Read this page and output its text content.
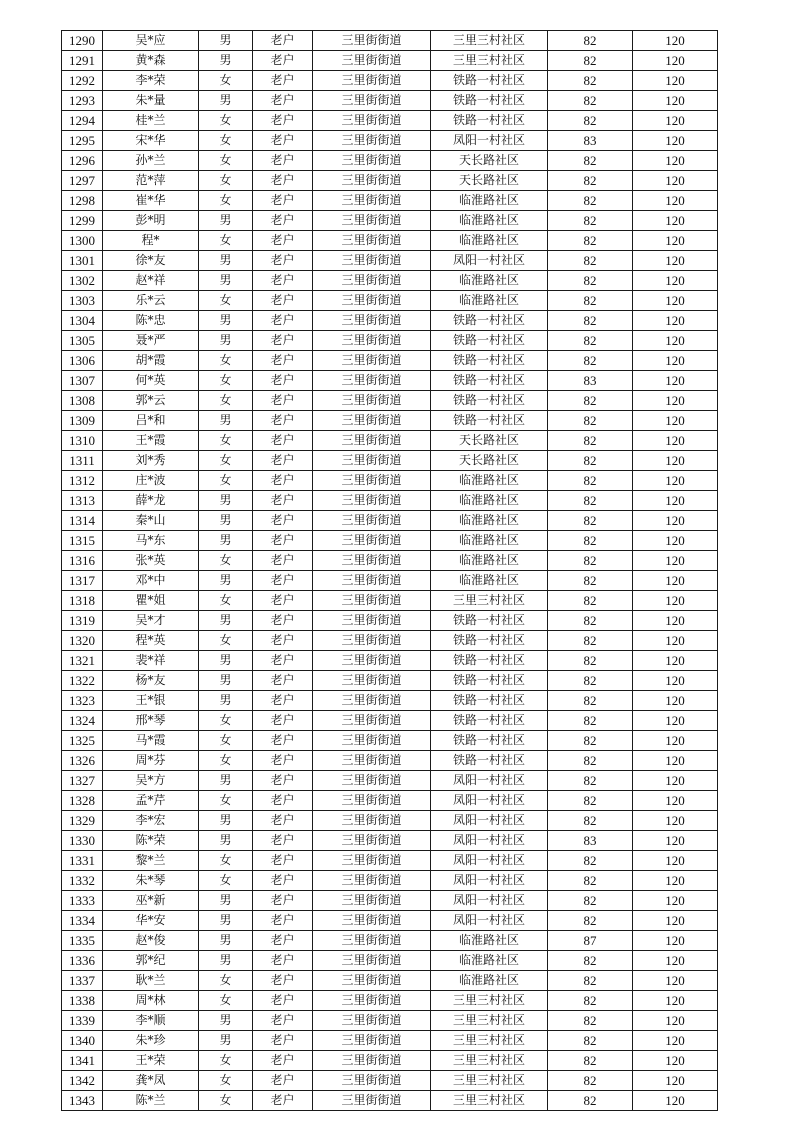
1290	吴*应	男	老户	三里街街道	三里三村社区	82	120
1291	黄*森	男	老户	三里街街道	三里三村社区	82	120
1292	李*荣	女	老户	三里街街道	铁路一村社区	82	120
1293	朱*量	男	老户	三里街街道	铁路一村社区	82	120
1294	桂*兰	女	老户	三里街街道	铁路一村社区	82	120
1295	宋*华	女	老户	三里街街道	凤阳一村社区	83	120
1296	孙*兰	女	老户	三里街街道	天长路社区	82	120
1297	范*萍	女	老户	三里街街道	天长路社区	82	120
1298	崔*华	女	老户	三里街街道	临淮路社区	82	120
1299	彭*明	男	老户	三里街街道	临淮路社区	82	120
1300	程*	女	老户	三里街街道	临淮路社区	82	120
1301	徐*友	男	老户	三里街街道	凤阳一村社区	82	120
1302	赵*祥	男	老户	三里街街道	临淮路社区	82	120
1303	乐*云	女	老户	三里街街道	临淮路社区	82	120
1304	陈*忠	男	老户	三里街街道	铁路一村社区	82	120
1305	聂*严	男	老户	三里街街道	铁路一村社区	82	120
1306	胡*霞	女	老户	三里街街道	铁路一村社区	82	120
1307	何*英	女	老户	三里街街道	铁路一村社区	83	120
1308	郭*云	女	老户	三里街街道	铁路一村社区	82	120
1309	吕*和	男	老户	三里街街道	铁路一村社区	82	120
1310	王*霞	女	老户	三里街街道	天长路社区	82	120
1311	刘*秀	女	老户	三里街街道	天长路社区	82	120
1312	庄*波	女	老户	三里街街道	临淮路社区	82	120
1313	薛*龙	男	老户	三里街街道	临淮路社区	82	120
1314	秦*山	男	老户	三里街街道	临淮路社区	82	120
1315	马*东	男	老户	三里街街道	临淮路社区	82	120
1316	张*英	女	老户	三里街街道	临淮路社区	82	120
1317	邓*中	男	老户	三里街街道	临淮路社区	82	120
1318	瞿*姐	女	老户	三里街街道	三里三村社区	82	120
1319	吴*才	男	老户	三里街街道	铁路一村社区	82	120
1320	程*英	女	老户	三里街街道	铁路一村社区	82	120
1321	裴*祥	男	老户	三里街街道	铁路一村社区	82	120
1322	杨*友	男	老户	三里街街道	铁路一村社区	82	120
1323	王*银	男	老户	三里街街道	铁路一村社区	82	120
1324	邢*琴	女	老户	三里街街道	铁路一村社区	82	120
1325	马*霞	女	老户	三里街街道	铁路一村社区	82	120
1326	周*芬	女	老户	三里街街道	铁路一村社区	82	120
1327	吴*方	男	老户	三里街街道	凤阳一村社区	82	120
1328	孟*芹	女	老户	三里街街道	凤阳一村社区	82	120
1329	李*宏	男	老户	三里街街道	凤阳一村社区	82	120
1330	陈*荣	男	老户	三里街街道	凤阳一村社区	83	120
1331	黎*兰	女	老户	三里街街道	凤阳一村社区	82	120
1332	朱*琴	女	老户	三里街街道	凤阳一村社区	82	120
1333	巫*新	男	老户	三里街街道	凤阳一村社区	82	120
1334	华*安	男	老户	三里街街道	凤阳一村社区	82	120
1335	赵*俊	男	老户	三里街街道	临淮路社区	87	120
1336	郭*纪	男	老户	三里街街道	临淮路社区	82	120
1337	耿*兰	女	老户	三里街街道	临淮路社区	82	120
1338	周*林	女	老户	三里街街道	三里三村社区	82	120
1339	李*顺	男	老户	三里街街道	三里三村社区	82	120
1340	朱*珍	男	老户	三里街街道	三里三村社区	82	120
1341	王*荣	女	老户	三里街街道	三里三村社区	82	120
1342	龚*凤	女	老户	三里街街道	三里三村社区	82	120
1343	陈*兰	女	老户	三里街街道	三里三村社区	82	120
